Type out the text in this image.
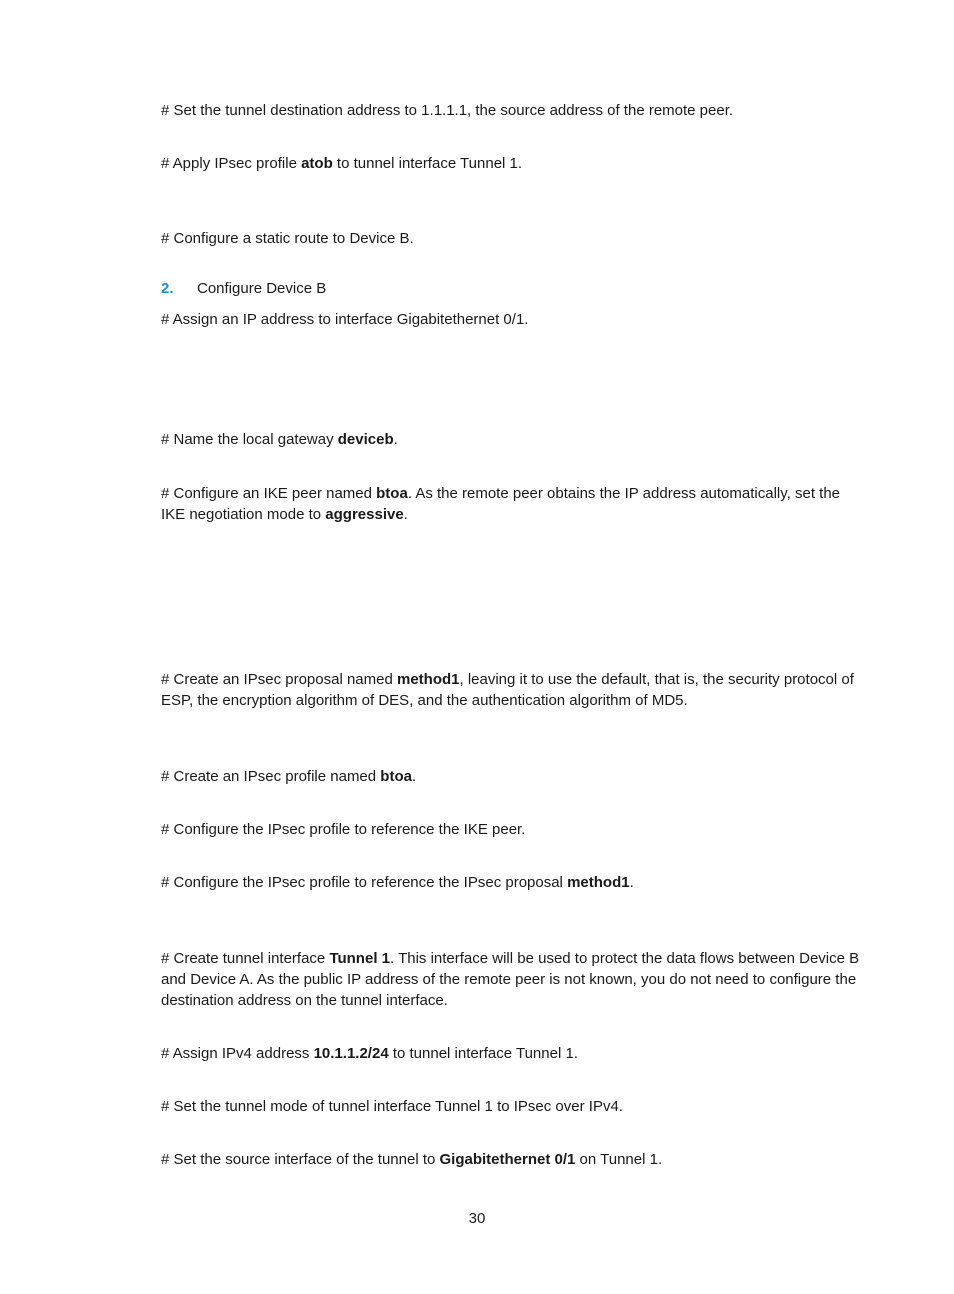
# Set the tunnel destination address to 1.1.1.1, the source address of the remote peer.

# Apply IPsec profile atob to tunnel interface Tunnel 1.

# Configure a static route to Device B.

2. Configure Device B

# Assign an IP address to interface Gigabitethernet 0/1.

# Name the local gateway deviceb.

# Configure an IKE peer named btoa. As the remote peer obtains the IP address automatically, set the IKE negotiation mode to aggressive.

# Create an IPsec proposal named method1, leaving it to use the default, that is, the security protocol of ESP, the encryption algorithm of DES, and the authentication algorithm of MD5.

# Create an IPsec profile named btoa.

# Configure the IPsec profile to reference the IKE peer.

# Configure the IPsec profile to reference the IPsec proposal method1.

# Create tunnel interface Tunnel 1. This interface will be used to protect the data flows between Device B and Device A. As the public IP address of the remote peer is not known, you do not need to configure the destination address on the tunnel interface.

# Assign IPv4 address 10.1.1.2/24 to tunnel interface Tunnel 1.

# Set the tunnel mode of tunnel interface Tunnel 1 to IPsec over IPv4.

# Set the source interface of the tunnel to Gigabitethernet 0/1 on Tunnel 1.

30
